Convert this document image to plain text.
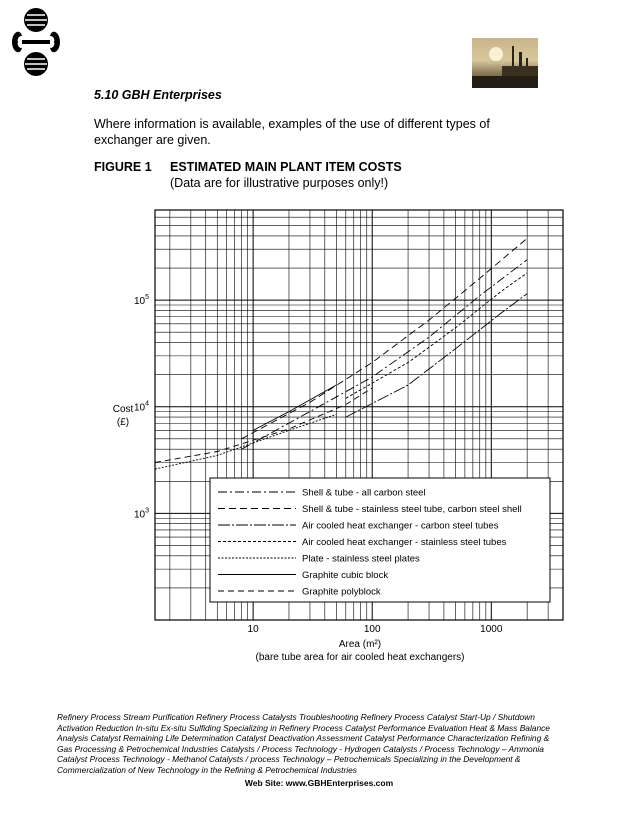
5.10 GBH Enterprises
Where information is available, examples of the use of different types of exchanger are given.
FIGURE 1 ESTIMATED MAIN PLANT ITEM COSTS
(Data are for illustrative purposes only!)
10	100	1000
$10^3$
$10^4$
$10^5$
Cost
(£)
Area (m²)
(bare tube area for air cooled heat exchangers)
Shell & tube - all carbon steel
Shell & tube - stainless steel tube, carbon steel shell
Air cooled heat exchanger - carbon steel tubes
Air cooled heat exchanger - stainless steel tubes
Plate - stainless steel plates
Graphite cubic block
Graphite polyblock
Refinery Process Stream Purification Refinery Process Catalysts Troubleshooting Refinery Process Catalyst Start-Up / Shutdown Activation Reduction In-situ Ex-situ Sulfiding Specializing in Refinery Process Catalyst Performance Evaluation Heat & Mass Balance Analysis Catalyst Remaining Life Determination Catalyst Deactivation Assessment Catalyst Performance Characterization Refining & Gas Processing & Petrochemical Industries Catalysts / Process Technology - Hydrogen Catalysts / Process Technology – Ammonia Catalyst Process Technology - Methanol Catalysts / process Technology – Petrochemicals Specializing in the Development & Commercialization of New Technology in the Refining & Petrochemical Industries
Web Site: www.GBHEnterprises.com
